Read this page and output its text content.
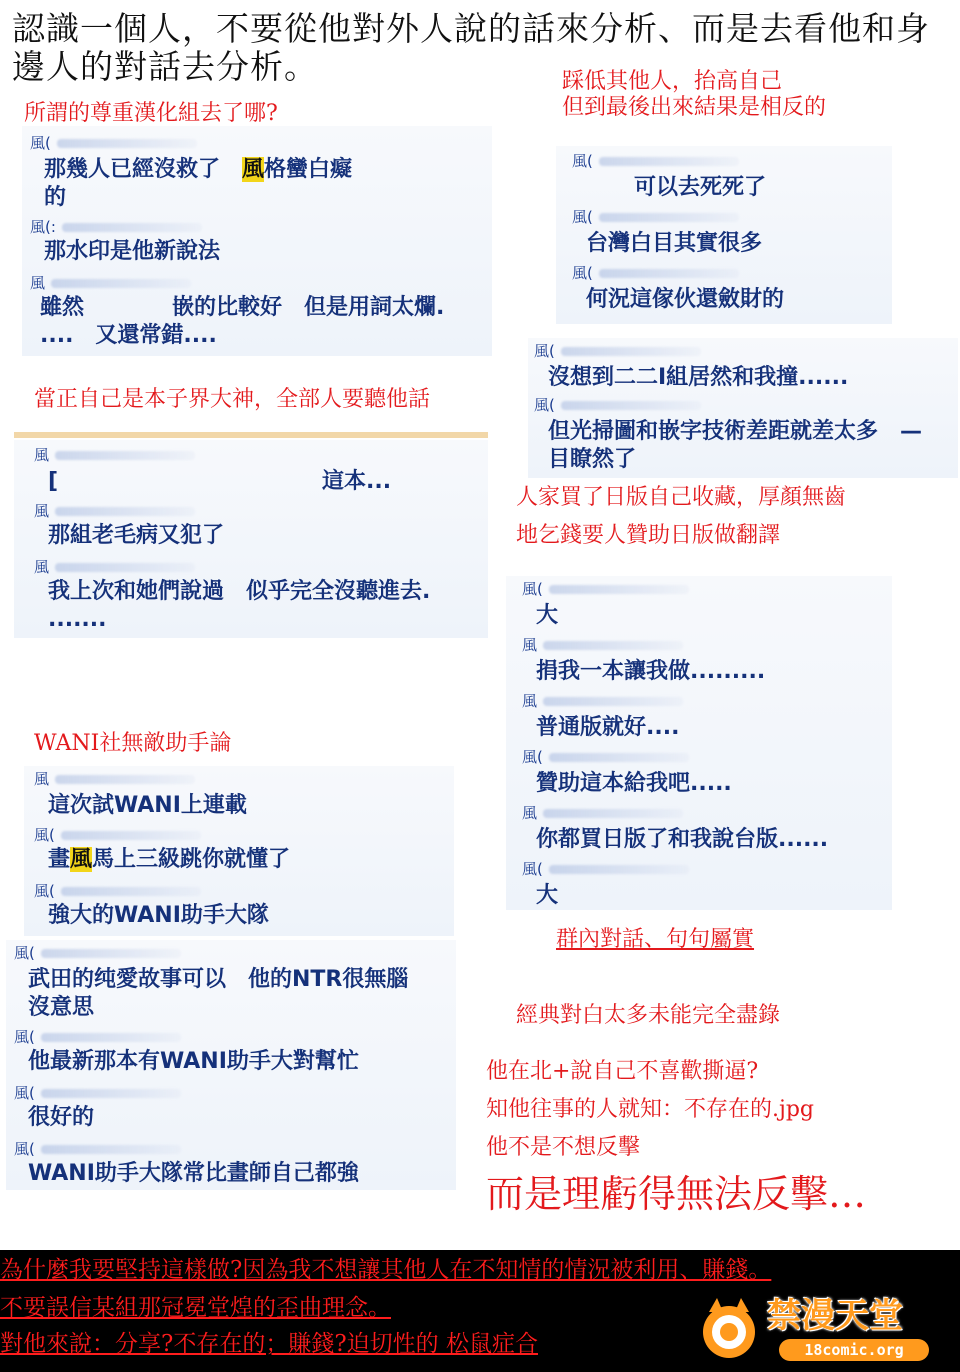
認識一個人，不要從他對外人說的話來分析、而是去看他和身邊人的對話去分析。
所謂的尊重漢化組去了哪?
風(
那幾人已經沒救了　風格蠻白癡
的
風(:
那水印是他新說法
風
雖然　　　　嵌的比較好　但是用詞太爛.
....　又還常錯....
當正自己是本子界大神，全部人要聽他話
風
[　　　　　　　　　　　　這本...
風
那組老毛病又犯了
風
我上次和她們說過　似乎完全沒聽進去.
.......
WANI社無敵助手論
風
這次試WANI上連載
風(
畫風馬上三級跳你就懂了
風(
強大的WANI助手大隊
風(
武田的纯愛故事可以　他的NTR很無腦
沒意思
風(
他最新那本有WANI助手大對幫忙
風(
很好的
風(
WANI助手大隊常比畫師自己都強
踩低其他人，抬高自己
但到最後出來結果是相反的
風(
可以去死死了
風(
台灣白目其實很多
風(
何況這傢伙還斂財的
風(
沒想到二二I組居然和我撞......
風(
但光掃圖和嵌字技術差距就差太多　—
目瞭然了
人家買了日版自己收藏，厚顏無齒
地乞錢要人贊助日版做翻譯
風(
大
風
捐我一本讓我做.........
風
普通版就好....
風(
贊助這本給我吧.....
風
你都買日版了和我說台版......
風(
大
群內對話、句句屬實
經典對白太多未能完全盡錄
他在北+說自己不喜歡撕逼?
知他往事的人就知：不存在的.jpg
他不是不想反擊
而是理虧得無法反擊…
為什麼我要堅持這樣做?因為我不想讓其他人在不知情的情況被利用、賺錢。
不要誤信某組那冠冕堂煌的歪曲理念。
對他來說：分享?不存在的；賺錢?迫切性的 松鼠症合
禁漫天堂
18comic.org
